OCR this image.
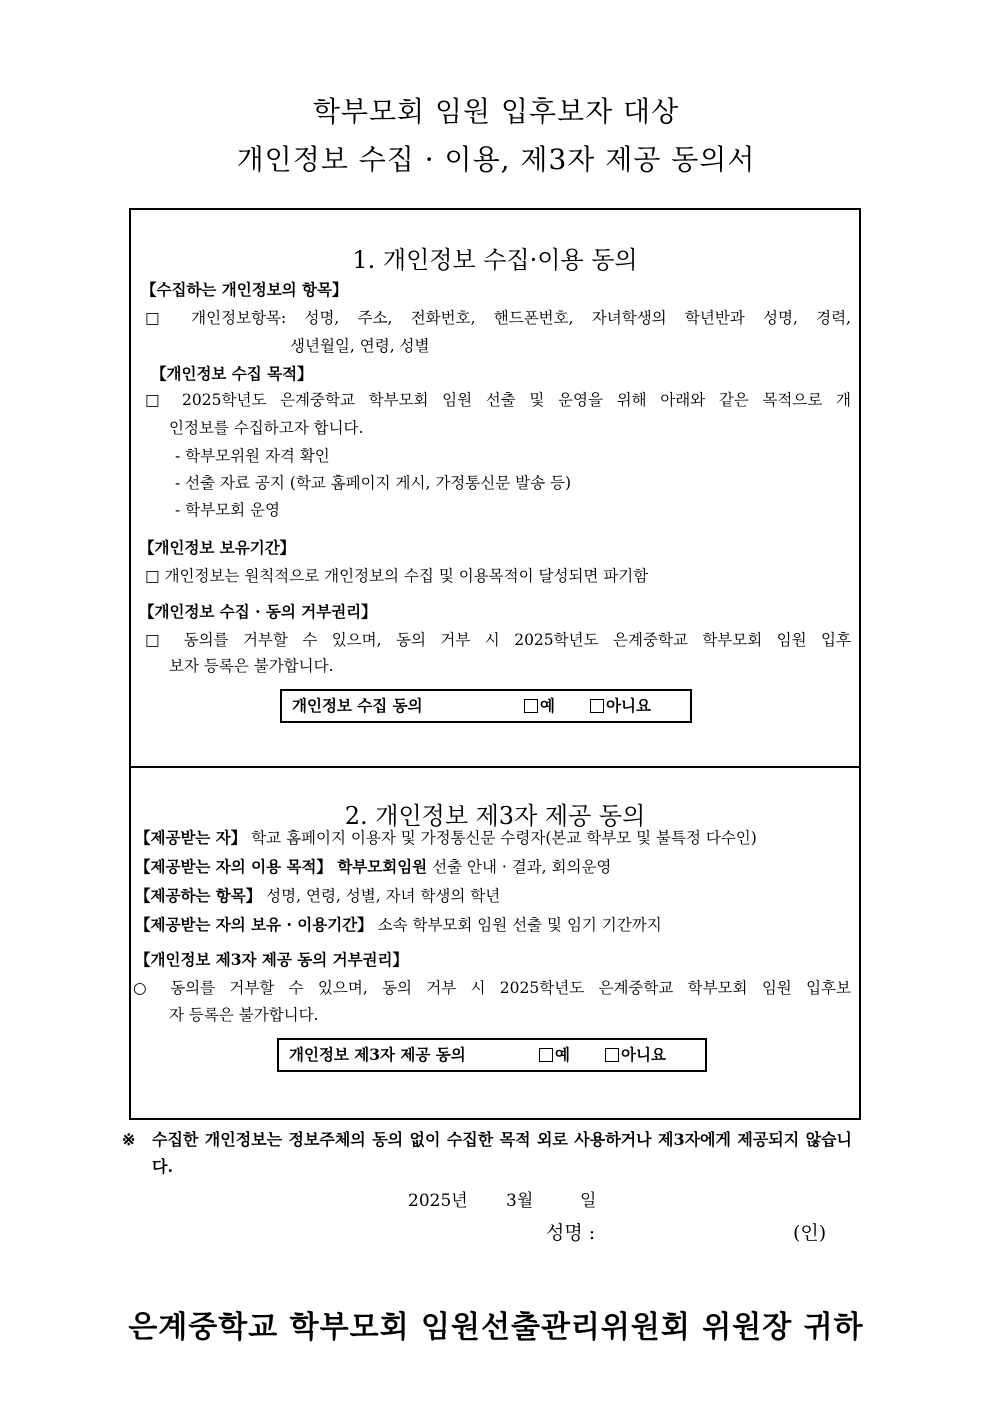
학부모회 임원 입후보자 대상
개인정보 수집 · 이용, 제3자 제공 동의서
1. 개인정보 수집·이용 동의
【수집하는 개인정보의 항목】
□ 개인정보항목: 성명, 주소, 전화번호, 핸드폰번호, 자녀학생의 학년반과 성명, 경력,
생년월일, 연령, 성별
【개인정보 수집 목적】
□ 2025학년도 은계중학교 학부모회 임원 선출 및 운영을 위해 아래와 같은 목적으로 개
인정보를 수집하고자 합니다.
- 학부모위원 자격 확인
- 선출 자료 공지 (학교 홈페이지 게시, 가정통신문 발송 등)
- 학부모회 운영
【개인정보 보유기간】
□ 개인정보는 원칙적으로 개인정보의 수집 및 이용목적이 달성되면 파기함
【개인정보 수집 · 동의 거부권리】
□ 동의를 거부할 수 있으며, 동의 거부 시 2025학년도 은계중학교 학부모회 임원 입후
보자 등록은 불가합니다.
개인정보 수집 동의	예	아니요
2. 개인정보 제3자 제공 동의
【제공받는 자】 학교 홈페이지 이용자 및 가정통신문 수령자(본교 학부모 및 불특정 다수인)
【제공받는 자의 이용 목적】 학부모회임원 선출 안내 · 결과, 회의운영
【제공하는 항목】 성명, 연령, 성별, 자녀 학생의 학년
【제공받는 자의 보유 · 이용기간】 소속 학부모회 임원 선출 및 임기 기간까지
【개인정보 제3자 제공 동의 거부권리】
○ 동의를 거부할 수 있으며, 동의 거부 시 2025학년도 은계중학교 학부모회 임원 입후보
자 등록은 불가합니다.
개인정보 제3자 제공 동의	예	아니요
※ 수집한 개인정보는 정보주체의 동의 없이 수집한 목적 외로 사용하거나 제3자에게 제공되지 않습니다.
2025년 3월	일
성명 :	(인)
은계중학교 학부모회 임원선출관리위원회 위원장 귀하
